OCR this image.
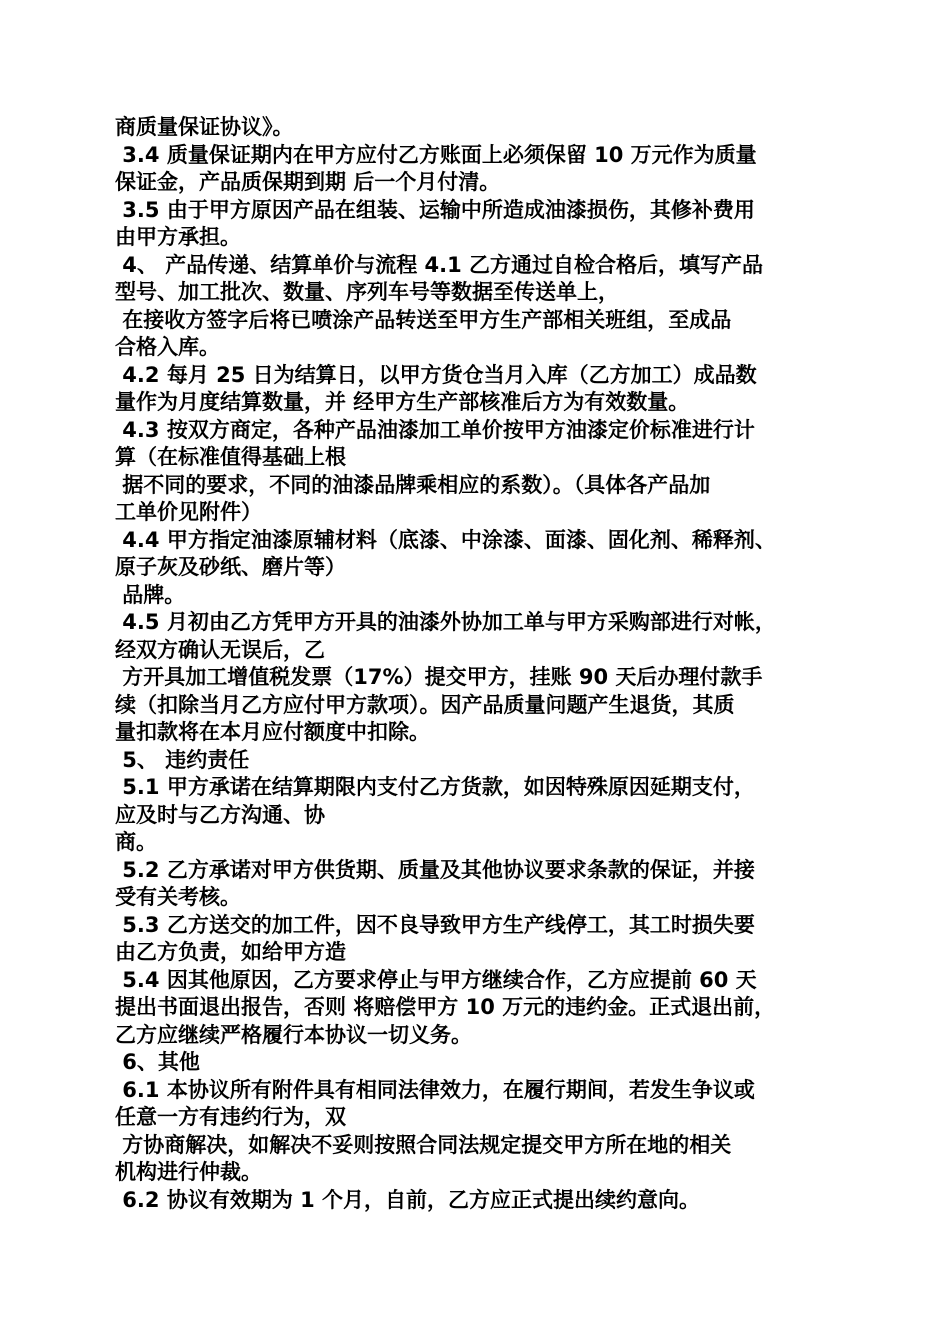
商质量保证协议》。
3.4 质量保证期内在甲方应付乙方账面上必须保留 10 万元作为质量
保证金，产品质保期到期 后一个月付清。
3.5 由于甲方原因产品在组装、运输中所造成油漆损伤，其修补费用
由甲方承担。
4、 产品传递、结算单价与流程 4.1 乙方通过自检合格后，填写产品
型号、加工批次、数量、序列车号等数据至传送单上，
在接收方签字后将已喷涂产品转送至甲方生产部相关班组，至成品
合格入库。
4.2 每月 25 日为结算日，以甲方货仓当月入库（乙方加工）成品数
量作为月度结算数量，并 经甲方生产部核准后方为有效数量。
4.3 按双方商定，各种产品油漆加工单价按甲方油漆定价标准进行计
算（在标准值得基础上根
据不同的要求，不同的油漆品牌乘相应的系数）。（具体各产品加
工单价见附件）
4.4 甲方指定油漆原辅材料（底漆、中涂漆、面漆、固化剂、稀释剂、
原子灰及砂纸、磨片等）
品牌。
4.5 月初由乙方凭甲方开具的油漆外协加工单与甲方采购部进行对帐，
经双方确认无误后，乙
方开具加工增值税发票（17%）提交甲方，挂账 90 天后办理付款手
续（扣除当月乙方应付甲方款项）。因产品质量问题产生退货，其质
量扣款将在本月应付额度中扣除。
5、 违约责任
5.1 甲方承诺在结算期限内支付乙方货款，如因特殊原因延期支付，
应及时与乙方沟通、协
商。
5.2 乙方承诺对甲方供货期、质量及其他协议要求条款的保证，并接
受有关考核。
5.3 乙方送交的加工件，因不良导致甲方生产线停工，其工时损失要
由乙方负责，如给甲方造
5.4 因其他原因，乙方要求停止与甲方继续合作，乙方应提前 60 天
提出书面退出报告，否则 将赔偿甲方 10 万元的违约金。正式退出前，
乙方应继续严格履行本协议一切义务。
6、其他
6.1 本协议所有附件具有相同法律效力，在履行期间，若发生争议或
任意一方有违约行为，双
方协商解决，如解决不妥则按照合同法规定提交甲方所在地的相关
机构进行仲裁。
6.2 协议有效期为 1 个月，自前，乙方应正式提出续约意向。
